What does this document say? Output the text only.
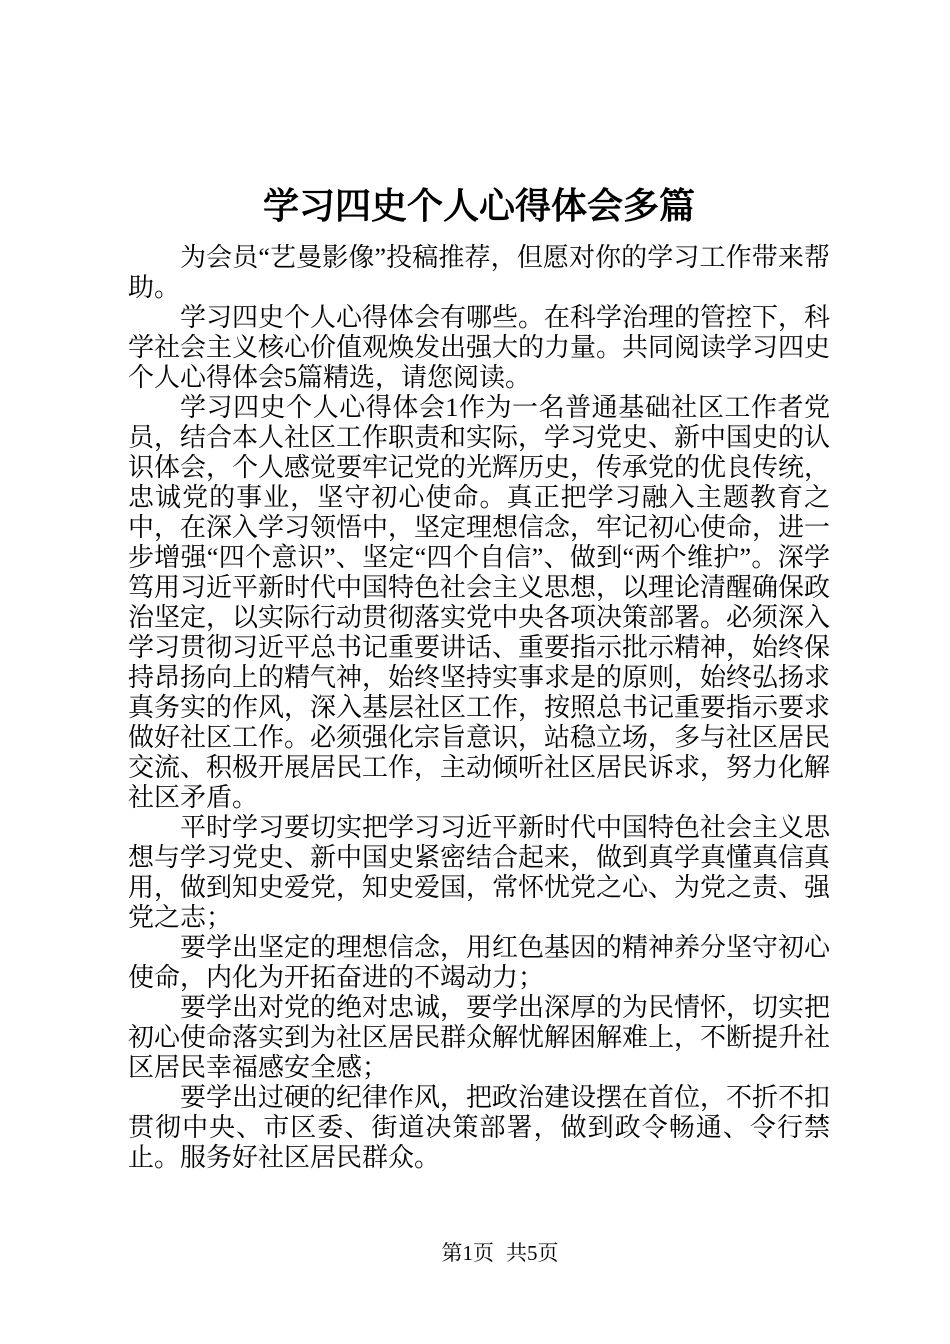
学习四史个人心得体会多篇

为会员“艺曼影像”投稿推荐，但愿对你的学习工作带来帮助。

学习四史个人心得体会有哪些。在科学治理的管控下，科学社会主义核心价值观焕发出强大的力量。共同阅读学习四史个人心得体会5篇精选，请您阅读。

学习四史个人心得体会1作为一名普通基础社区工作者党员，结合本人社区工作职责和实际，学习党史、新中国史的认识体会，个人感觉要牢记党的光辉历史，传承党的优良传统，忠诚党的事业，坚守初心使命。真正把学习融入主题教育之中，在深入学习领悟中，坚定理想信念，牢记初心使命，进一步增强“四个意识”、坚定“四个自信”、做到“两个维护”。深学笃用习近平新时代中国特色社会主义思想，以理论清醒确保政治坚定，以实际行动贯彻落实党中央各项决策部署。必须深入学习贯彻习近平总书记重要讲话、重要指示批示精神，始终保持昂扬向上的精气神，始终坚持实事求是的原则，始终弘扬求真务实的作风，深入基层社区工作，按照总书记重要指示要求做好社区工作。必须强化宗旨意识，站稳立场，多与社区居民交流、积极开展居民工作，主动倾听社区居民诉求，努力化解社区矛盾。

平时学习要切实把学习习近平新时代中国特色社会主义思想与学习党史、新中国史紧密结合起来，做到真学真懂真信真用，做到知史爱党，知史爱国，常怀忧党之心、为党之责、强党之志；

要学出坚定的理想信念，用红色基因的精神养分坚守初心使命，内化为开拓奋进的不竭动力；

要学出对党的绝对忠诚，要学出深厚的为民情怀，切实把初心使命落实到为社区居民群众解忧解困解难上，不断提升社区居民幸福感安全感；

要学出过硬的纪律作风，把政治建设摆在首位，不折不扣贯彻中央、市区委、街道决策部署，做到政令畅通、令行禁止。服务好社区居民群众。

第1页 共5页
